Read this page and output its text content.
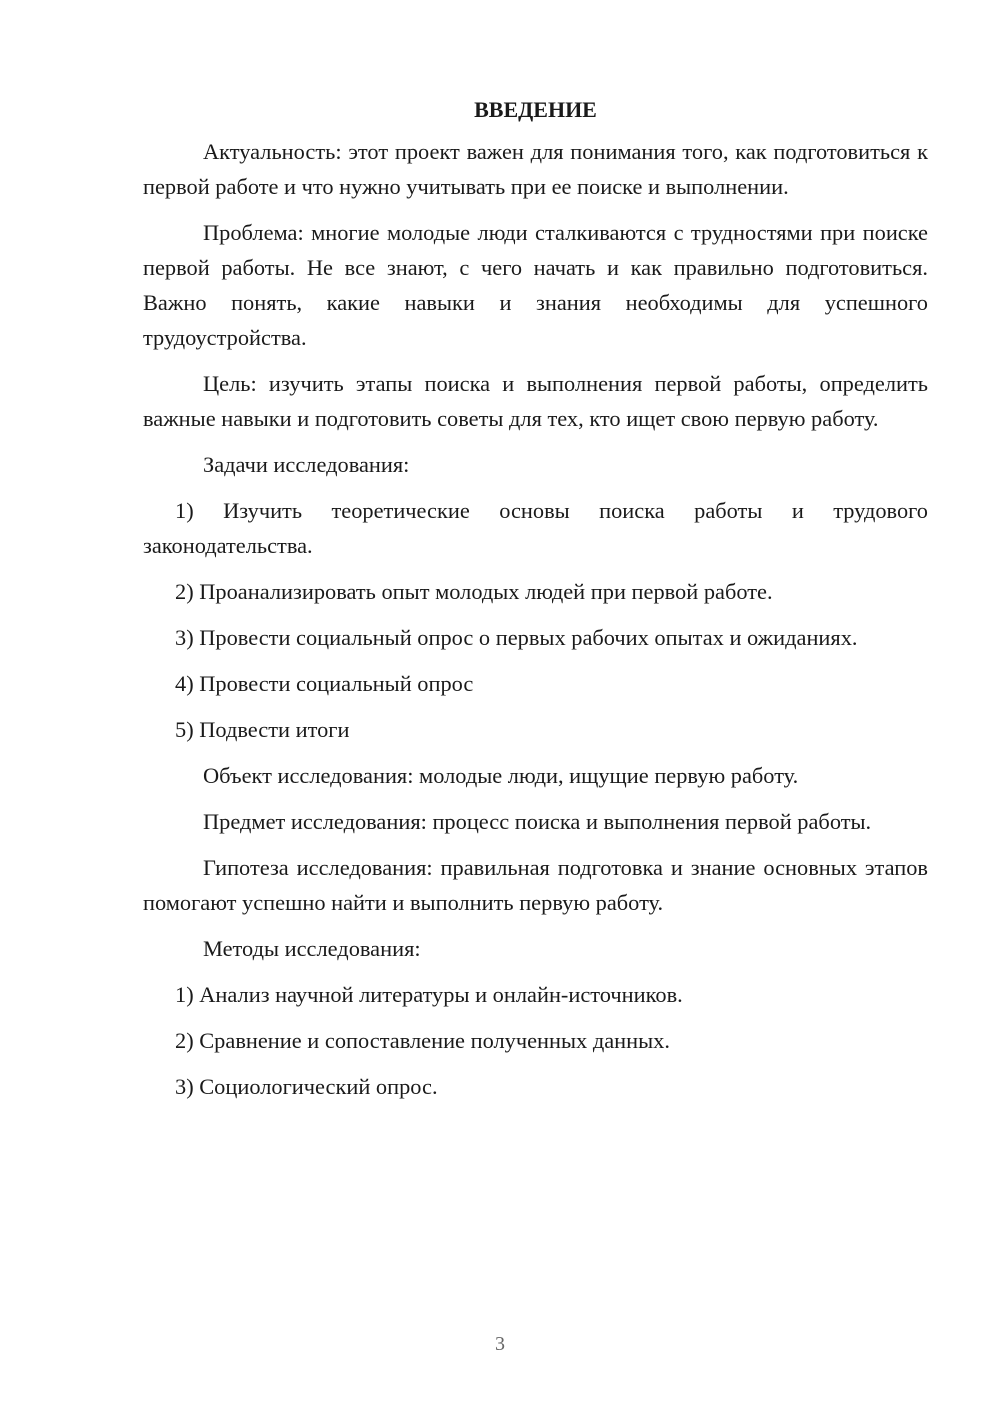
ВВЕДЕНИЕ

Актуальность: этот проект важен для понимания того, как подготовиться к первой работе и что нужно учитывать при ее поиске и выполнении.

Проблема: многие молодые люди сталкиваются с трудностями при поиске первой работы. Не все знают, с чего начать и как правильно подготовиться. Важно понять, какие навыки и знания необходимы для успешного трудоустройства.

Цель: изучить этапы поиска и выполнения первой работы, определить важные навыки и подготовить советы для тех, кто ищет свою первую работу.

Задачи исследования:

1) Изучить теоретические основы поиска работы и трудового законодательства.

2) Проанализировать опыт молодых людей при первой работе.

3) Провести социальный опрос о первых рабочих опытах и ожиданиях.

4) Провести социальный опрос

5) Подвести итоги

Объект исследования: молодые люди, ищущие первую работу.

Предмет исследования: процесс поиска и выполнения первой работы.

Гипотеза исследования: правильная подготовка и знание основных этапов помогают успешно найти и выполнить первую работу.

Методы исследования:

1) Анализ научной литературы и онлайн-источников.

2) Сравнение и сопоставление полученных данных.

3) Социологический опрос.

3
